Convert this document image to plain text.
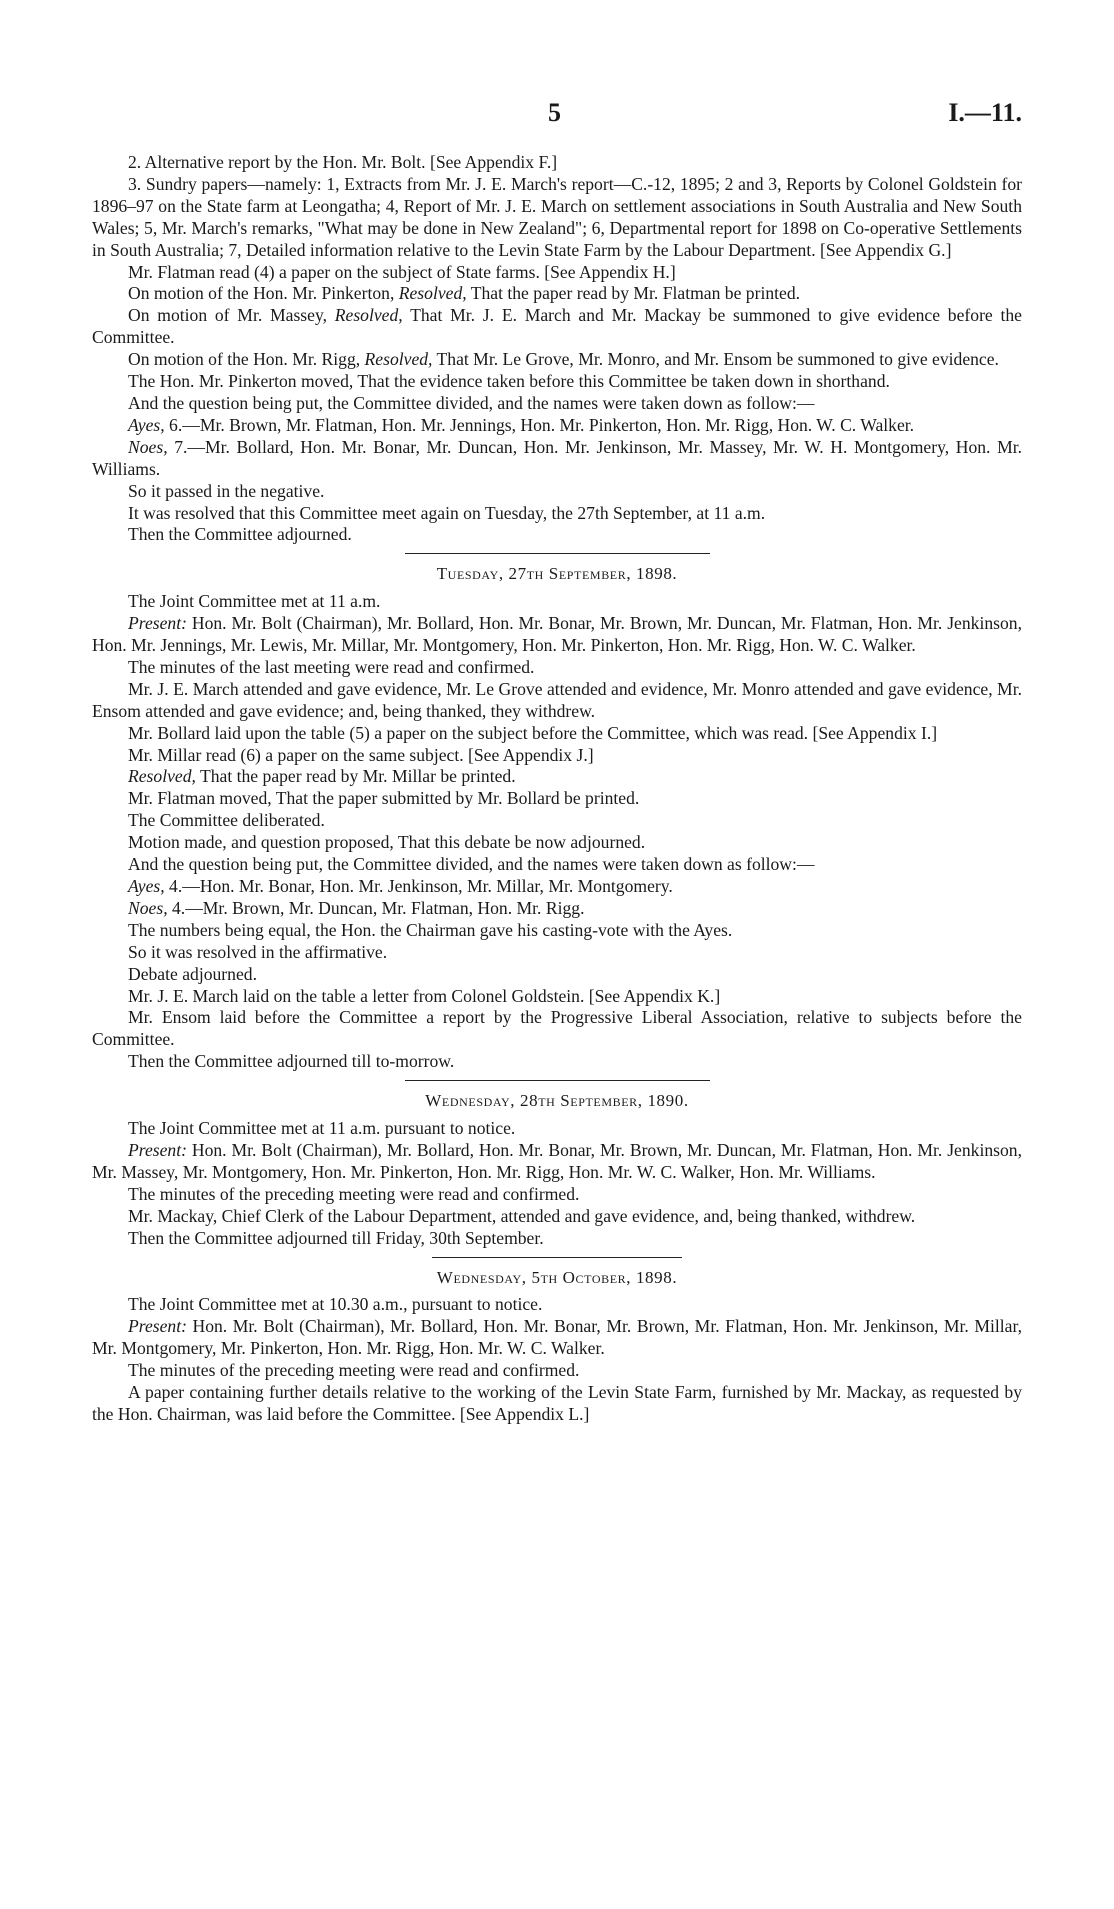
5	I.—11.

2. Alternative report by the Hon. Mr. Bolt. [See Appendix F.]

3. Sundry papers—namely: 1, Extracts from Mr. J. E. March's report—C.-12, 1895; 2 and 3, Reports by Colonel Goldstein for 1896–97 on the State farm at Leongatha; 4, Report of Mr. J. E. March on settlement associations in South Australia and New South Wales; 5, Mr. March's remarks, "What may be done in New Zealand"; 6, Departmental report for 1898 on Co-operative Settlements in South Australia; 7, Detailed information relative to the Levin State Farm by the Labour Department. [See Appendix G.]

Mr. Flatman read (4) a paper on the subject of State farms. [See Appendix H.]

On motion of the Hon. Mr. Pinkerton, Resolved, That the paper read by Mr. Flatman be printed.

On motion of Mr. Massey, Resolved, That Mr. J. E. March and Mr. Mackay be summoned to give evidence before the Committee.

On motion of the Hon. Mr. Rigg, Resolved, That Mr. Le Grove, Mr. Monro, and Mr. Ensom be summoned to give evidence.

The Hon. Mr. Pinkerton moved, That the evidence taken before this Committee be taken down in shorthand.

And the question being put, the Committee divided, and the names were taken down as follow:—

Ayes, 6.—Mr. Brown, Mr. Flatman, Hon. Mr. Jennings, Hon. Mr. Pinkerton, Hon. Mr. Rigg, Hon. W. C. Walker.

Noes, 7.—Mr. Bollard, Hon. Mr. Bonar, Mr. Duncan, Hon. Mr. Jenkinson, Mr. Massey, Mr. W. H. Montgomery, Hon. Mr. Williams.

So it passed in the negative.

It was resolved that this Committee meet again on Tuesday, the 27th September, at 11 a.m.

Then the Committee adjourned.

Tuesday, 27th September, 1898.

The Joint Committee met at 11 a.m.

Present: Hon. Mr. Bolt (Chairman), Mr. Bollard, Hon. Mr. Bonar, Mr. Brown, Mr. Duncan, Mr. Flatman, Hon. Mr. Jenkinson, Hon. Mr. Jennings, Mr. Lewis, Mr. Millar, Mr. Montgomery, Hon. Mr. Pinkerton, Hon. Mr. Rigg, Hon. W. C. Walker.

The minutes of the last meeting were read and confirmed.

Mr. J. E. March attended and gave evidence, Mr. Le Grove attended and evidence, Mr. Monro attended and gave evidence, Mr. Ensom attended and gave evidence; and, being thanked, they withdrew.

Mr. Bollard laid upon the table (5) a paper on the subject before the Committee, which was read. [See Appendix I.]

Mr. Millar read (6) a paper on the same subject. [See Appendix J.]

Resolved, That the paper read by Mr. Millar be printed.

Mr. Flatman moved, That the paper submitted by Mr. Bollard be printed.

The Committee deliberated.

Motion made, and question proposed, That this debate be now adjourned.

And the question being put, the Committee divided, and the names were taken down as follow:—

Ayes, 4.—Hon. Mr. Bonar, Hon. Mr. Jenkinson, Mr. Millar, Mr. Montgomery.

Noes, 4.—Mr. Brown, Mr. Duncan, Mr. Flatman, Hon. Mr. Rigg.

The numbers being equal, the Hon. the Chairman gave his casting-vote with the Ayes.

So it was resolved in the affirmative.

Debate adjourned.

Mr. J. E. March laid on the table a letter from Colonel Goldstein. [See Appendix K.]

Mr. Ensom laid before the Committee a report by the Progressive Liberal Association, relative to subjects before the Committee.

Then the Committee adjourned till to-morrow.

Wednesday, 28th September, 1890.

The Joint Committee met at 11 a.m. pursuant to notice.

Present: Hon. Mr. Bolt (Chairman), Mr. Bollard, Hon. Mr. Bonar, Mr. Brown, Mr. Duncan, Mr. Flatman, Hon. Mr. Jenkinson, Mr. Massey, Mr. Montgomery, Hon. Mr. Pinkerton, Hon. Mr. Rigg, Hon. Mr. W. C. Walker, Hon. Mr. Williams.

The minutes of the preceding meeting were read and confirmed.

Mr. Mackay, Chief Clerk of the Labour Department, attended and gave evidence, and, being thanked, withdrew.

Then the Committee adjourned till Friday, 30th September.

Wednesday, 5th October, 1898.

The Joint Committee met at 10.30 a.m., pursuant to notice.

Present: Hon. Mr. Bolt (Chairman), Mr. Bollard, Hon. Mr. Bonar, Mr. Brown, Mr. Flatman, Hon. Mr. Jenkinson, Mr. Millar, Mr. Montgomery, Mr. Pinkerton, Hon. Mr. Rigg, Hon. Mr. W. C. Walker.

The minutes of the preceding meeting were read and confirmed.

A paper containing further details relative to the working of the Levin State Farm, furnished by Mr. Mackay, as requested by the Hon. Chairman, was laid before the Committee. [See Appendix L.]
